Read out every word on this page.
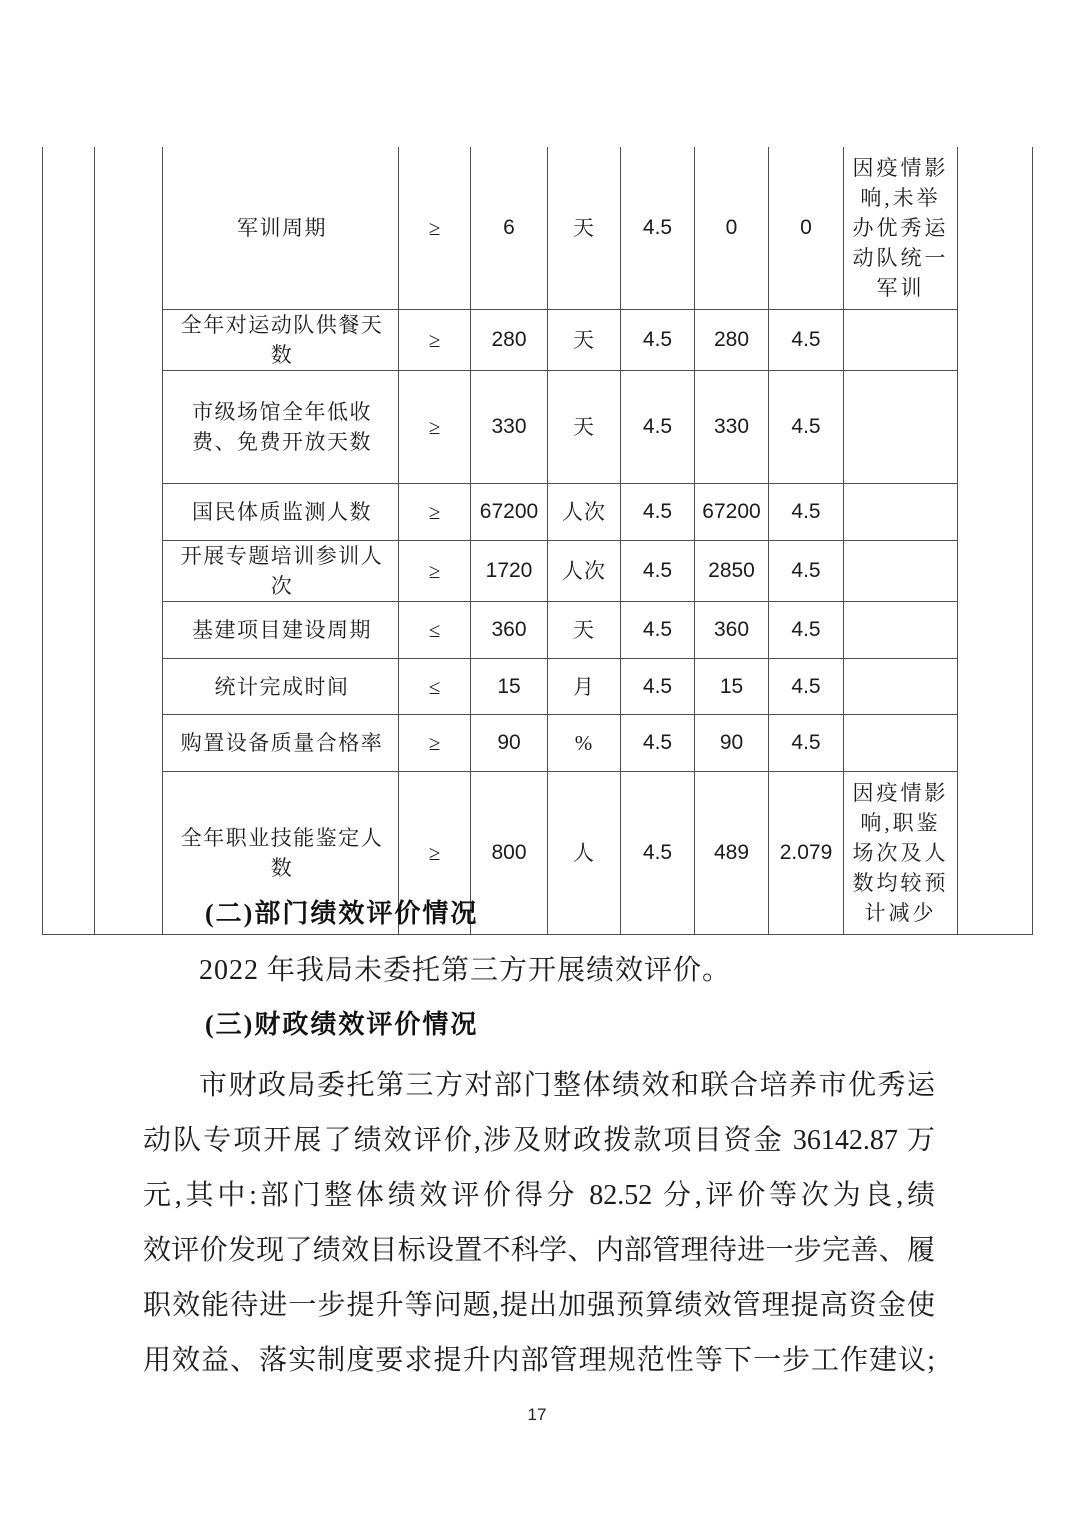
		军训周期	≥	6	天	4.5	0	0	因疫情影响,未举办优秀运动队统一军训	
		全年对运动队供餐天数	≥	280	天	4.5	280	4.5		
		市级场馆全年低收费、免费开放天数	≥	330	天	4.5	330	4.5		
		国民体质监测人数	≥	67200	人次	4.5	67200	4.5		
		开展专题培训参训人次	≥	1720	人次	4.5	2850	4.5		
		基建项目建设周期	≤	360	天	4.5	360	4.5		
		统计完成时间	≤	15	月	4.5	15	4.5		
		购置设备质量合格率	≥	90	%	4.5	90	4.5		
		全年职业技能鉴定人数	≥	800	人	4.5	489	2.079	因疫情影响,职鉴场次及人数均较预计减少	
(二)部门绩效评价情况
2022 年我局未委托第三方开展绩效评价。
(三)财政绩效评价情况
市财政局委托第三方对部门整体绩效和联合培养市优秀运
动队专项开展了绩效评价,涉及财政拨款项目资金 36142.87 万
元,其中:部门整体绩效评价得分 82.52 分,评价等次为良,绩
效评价发现了绩效目标设置不科学、内部管理待进一步完善、履
职效能待进一步提升等问题,提出加强预算绩效管理提高资金使
用效益、落实制度要求提升内部管理规范性等下一步工作建议;
17
